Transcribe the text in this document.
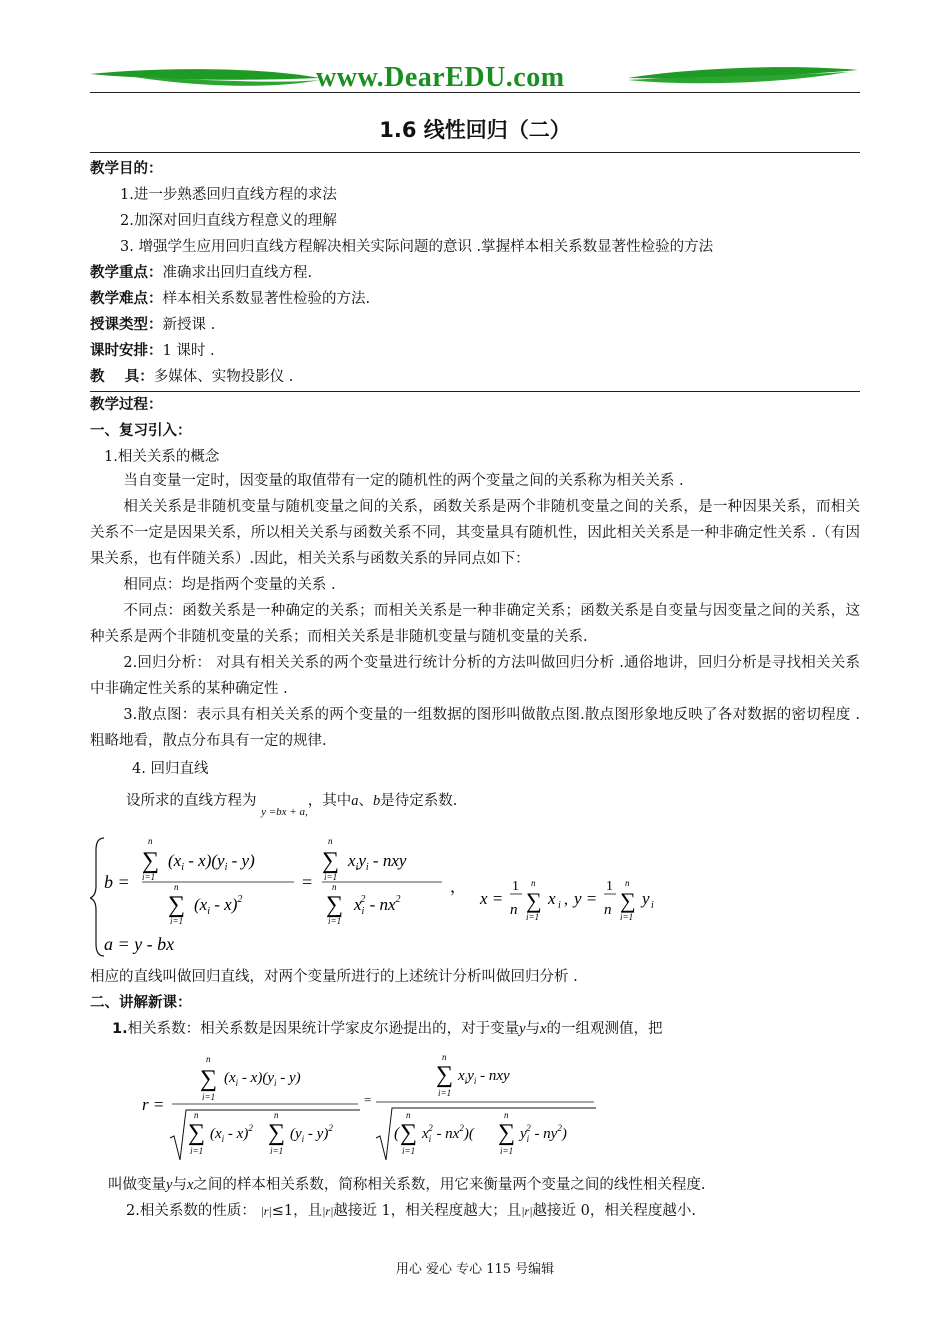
www.DearEDU.com
1.6 线性回归（二）
教学目的：
1.进一步熟悉回归直线方程的求法
2.加深对回归直线方程意义的理解
3. 增强学生应用回归直线方程解决相关实际问题的意识 .掌握样本相关系数显著性检验的方法
教学重点：准确求出回归直线方程.
教学难点：样本相关系数显著性检验的方法.
授课类型：新授课 .
课时安排：1 课时 .
教    具：多媒体、实物投影仪 .
教学过程：
一、复习引入：
1.相关关系的概念
当自变量一定时，因变量的取值带有一定的随机性的两个变量之间的关系称为相关关系 .
相关关系是非随机变量与随机变量之间的关系，函数关系是两个非随机变量之间的关系，是一种因果关系，而相关关系不一定是因果关系，所以相关关系与函数关系不同，其变量具有随机性，因此相关关系是一种非确定性关系 .（有因果关系，也有伴随关系）.因此，相关关系与函数关系的异同点如下：
相同点：均是指两个变量的关系 .
不同点：函数关系是一种确定的关系；而相关关系是一种非确定关系；函数关系是自变量与因变量之间的关系，这种关系是两个非随机变量的关系；而相关关系是非随机变量与随机变量的关系.
2.回归分析： 对具有相关关系的两个变量进行统计分析的方法叫做回归分析 .通俗地讲，回归分析是寻找相关关系中非确定性关系的某种确定性 .
3.散点图：表示具有相关关系的两个变量的一组数据的图形叫做散点图.散点图形象地反映了各对数据的密切程度 .粗略地看，散点分布具有一定的规律.
4. 回归直线
设所求的直线方程为 y =bx + a,，其中a、b是待定系数.
b =
∑
n
i=1
$(x_i - x)(y_i - y)$
∑
n
i=1
$(x_i - x)^2$
=
∑
n
i=1
$x_iy_i$ - nxy
∑
n
i=1
$x_i2 - nx^2$
，
x =
1
n ∑
n
i=1
x i , y =
1
n ∑
n
i=1
y i
a = y - bx
相应的直线叫做回归直线，对两个变量所进行的上述统计分析叫做回归分析 .
二、讲解新课：
1.相关系数：相关系数是因果统计学家皮尔逊提出的，对于变量y与x的一组观测值，把
r =
∑
n
i=1
$(x_i - x)(y_i - y)$
∑
n
i=1
$(x_i - x)^2$ ∑
n
i=1
$(y_i - y)^2$
=
∑
n
i=1
$x_iy_i$ - nxy
( ∑
n
i=1
$x_i2 - nx^2$)( ∑
n
i=1
$y_i2 - ny^2$)
叫做变量y与x之间的样本相关系数，简称相关系数，用它来衡量两个变量之间的线性相关程度.
2.相关系数的性质： |r|≤1，且|r|越接近 1，相关程度越大；且|r|越接近 0，相关程度越小.
用心 爱心 专心 115 号编辑
